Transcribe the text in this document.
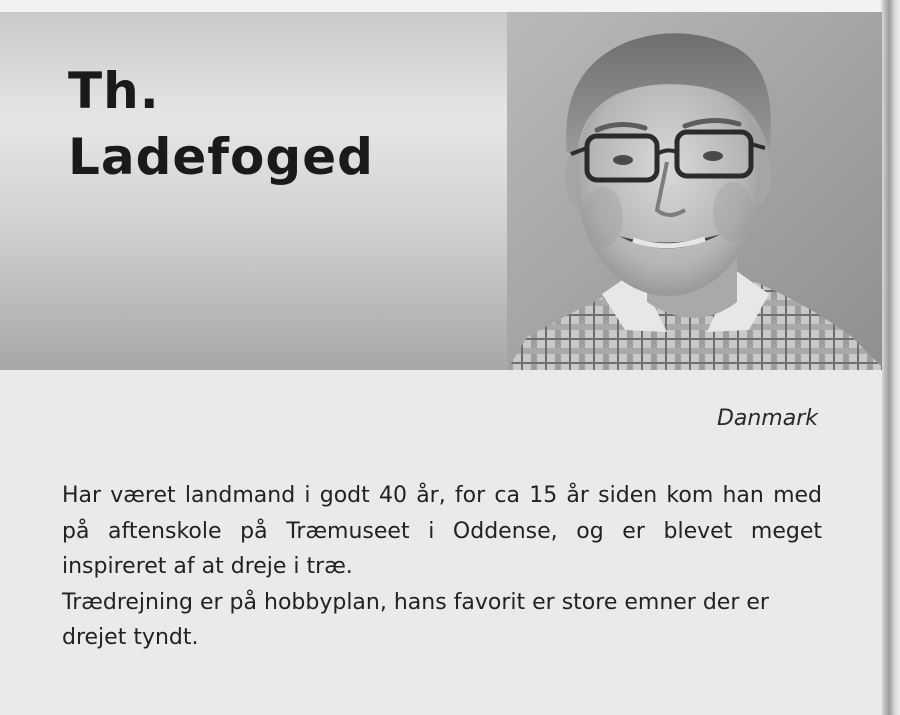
Th.
Ladefoged
Danmark

Har været landmand i godt 40 år, for ca 15 år siden kom han med på aftenskole på Træmuseet i Oddense, og er blevet meget inspireret af at dreje i træ.

Trædrejning er på hobbyplan, hans favorit er store emner der er drejet tyndt.
